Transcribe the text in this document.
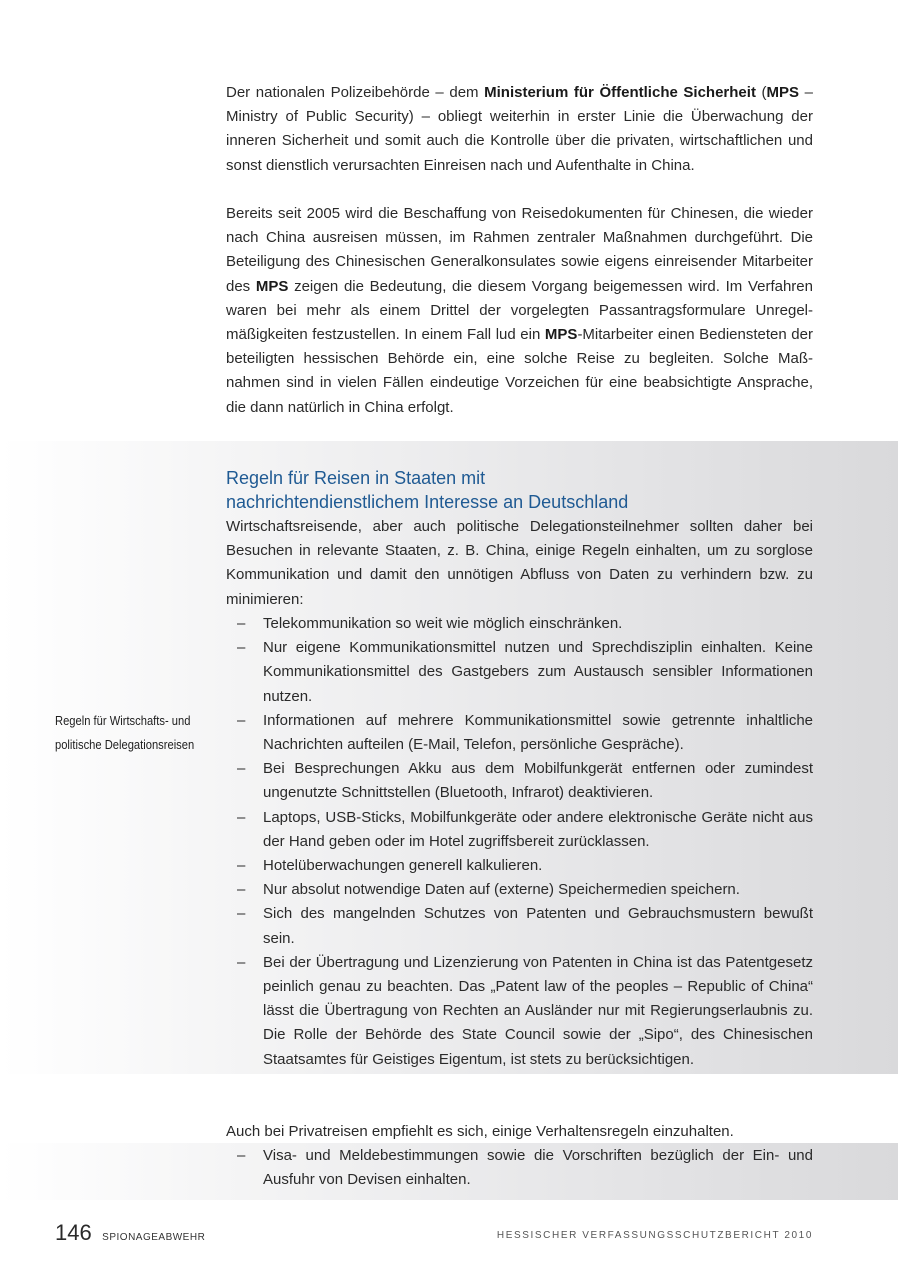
Der nationalen Polizeibehörde – dem Ministerium für Öffentliche Sicherheit (MPS – Ministry of Public Security) – obliegt weiterhin in erster Linie die Überwachung der inneren Sicherheit und somit auch die Kontrolle über die privaten, wirtschaftlichen und sonst dienstlich verursachten Einreisen nach und Aufenthalte in China.

Bereits seit 2005 wird die Beschaffung von Reisedokumenten für Chinesen, die wieder nach China ausreisen müssen, im Rahmen zentraler Maßnahmen durchgeführt. Die Beteiligung des Chinesischen Generalkonsulates sowie eigens einreisender Mitarbeiter des MPS zeigen die Bedeutung, die diesem Vorgang beigemessen wird. Im Verfahren waren bei mehr als einem Drittel der vorgelegten Passantragsformulare Unregelmäßigkeiten festzustellen. In einem Fall lud ein MPS-Mitarbeiter einen Bediensteten der beteiligten hessischen Behörde ein, eine solche Reise zu begleiten. Solche Maßnahmen sind in vielen Fällen eindeutige Vorzeichen für eine beabsichtigte Ansprache, die dann natürlich in China erfolgt.

Regeln für Reisen in Staaten mit
nachrichtendienstlichem Interesse an Deutschland

Wirtschaftsreisende, aber auch politische Delegationsteilnehmer sollten daher bei Besuchen in relevante Staaten, z. B. China, einige Regeln einhalten, um zu sorglose Kommunikation und damit den unnötigen Abfluss von Daten zu verhindern bzw. zu minimieren:

– Telekommunikation so weit wie möglich einschränken.
– Nur eigene Kommunikationsmittel nutzen und Sprechdisziplin einhalten. Keine Kommunikationsmittel des Gastgebers zum Austausch sensibler Informationen nutzen.
– Informationen auf mehrere Kommunikationsmittel sowie getrennte inhaltliche Nachrichten aufteilen (E-Mail, Telefon, persönliche Gespräche).
– Bei Besprechungen Akku aus dem Mobilfunkgerät entfernen oder zumindest ungenutzte Schnittstellen (Bluetooth, Infrarot) deaktivieren.
– Laptops, USB-Sticks, Mobilfunkgeräte oder andere elektronische Geräte nicht aus der Hand geben oder im Hotel zugriffsbereit zurücklassen.
– Hotelüberwachungen generell kalkulieren.
– Nur absolut notwendige Daten auf (externe) Speichermedien speichern.
– Sich des mangelnden Schutzes von Patenten und Gebrauchsmustern bewußt sein.
– Bei der Übertragung und Lizenzierung von Patenten in China ist das Patentgesetz peinlich genau zu beachten. Das „Patent law of the peoples – Republic of China“ lässt die Übertragung von Rechten an Ausländer nur mit Regierungserlaubnis zu. Die Rolle der Behörde des State Council sowie der „Sipo“, des Chinesischen Staatsamtes für Geistiges Eigentum, ist stets zu berücksichtigen.
Regeln für Wirtschafts- und
politische Delegationsreisen

Auch bei Privatreisen empfiehlt es sich, einige Verhaltensregeln einzuhalten.

– Visa- und Meldebestimmungen sowie die Vorschriften bezüglich der Ein- und Ausfuhr von Devisen einhalten.
146 SPIONAGEABWEHR	HESSISCHER VERFASSUNGSSCHUTZBERICHT 2010
